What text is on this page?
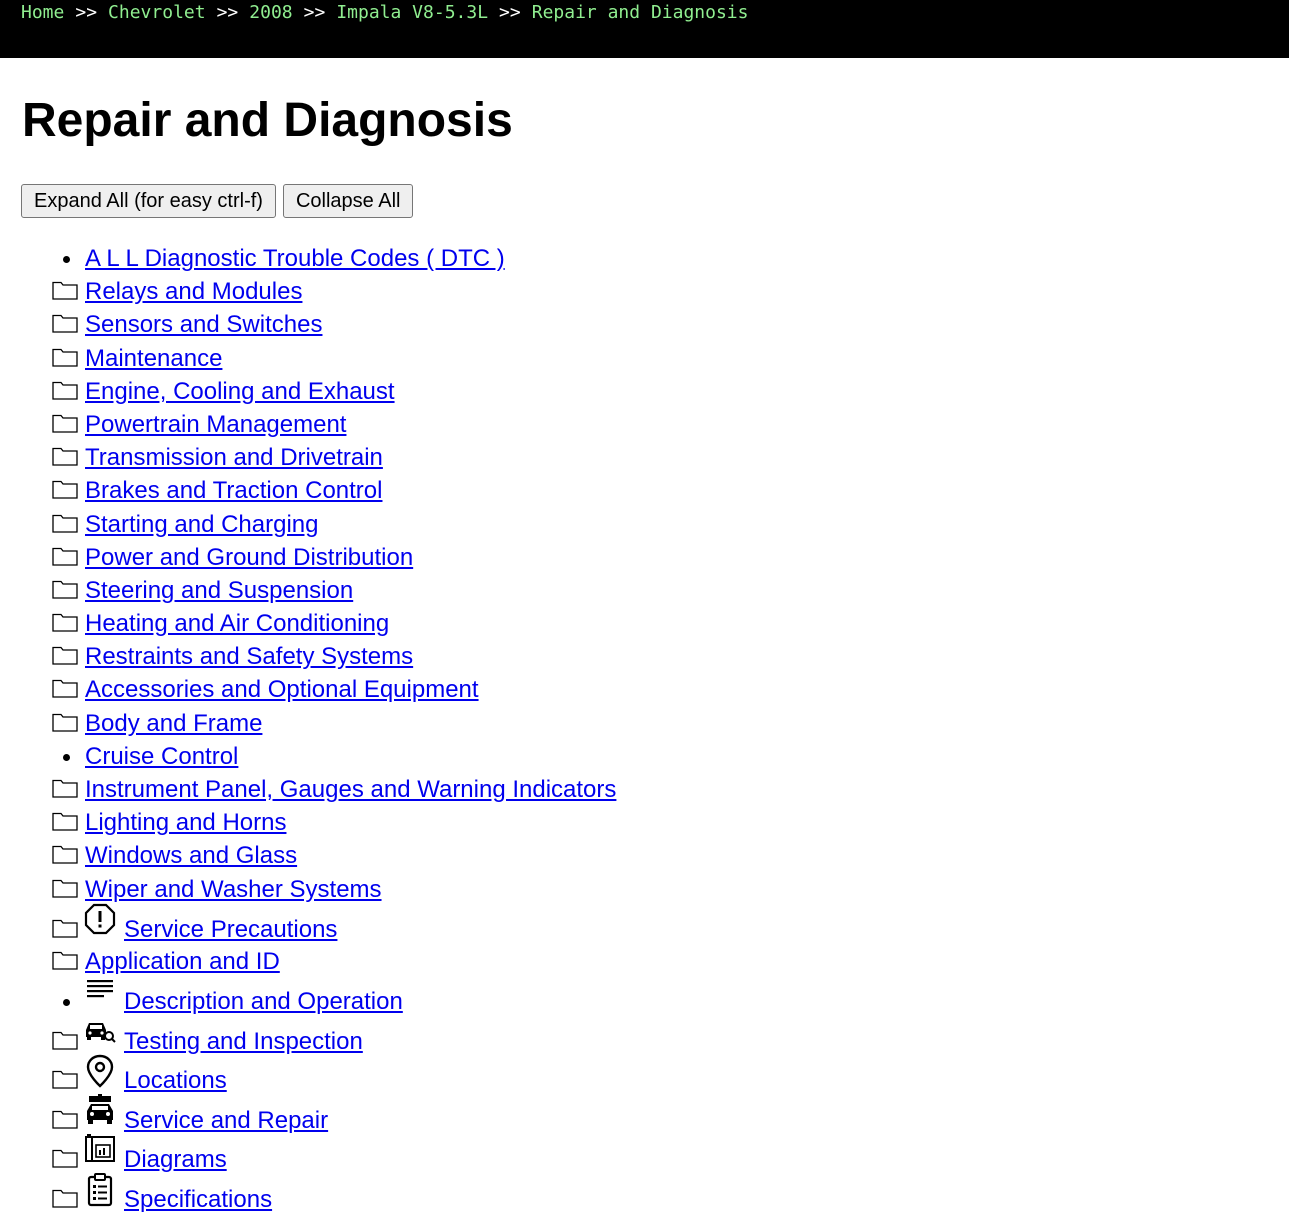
Home >> Chevrolet >> 2008 >> Impala V8-5.3L >> Repair and Diagnosis
Repair and Diagnosis
Expand All (for easy ctrl-f)	Collapse All
A L L Diagnostic Trouble Codes ( DTC )
Relays and Modules
Sensors and Switches
Maintenance
Engine, Cooling and Exhaust
Powertrain Management
Transmission and Drivetrain
Brakes and Traction Control
Starting and Charging
Power and Ground Distribution
Steering and Suspension
Heating and Air Conditioning
Restraints and Safety Systems
Accessories and Optional Equipment
Body and Frame
Cruise Control
Instrument Panel, Gauges and Warning Indicators
Lighting and Horns
Windows and Glass
Wiper and Washer Systems
Service Precautions
Application and ID
Description and Operation
Testing and Inspection
Locations
Service and Repair
Diagrams
Specifications
